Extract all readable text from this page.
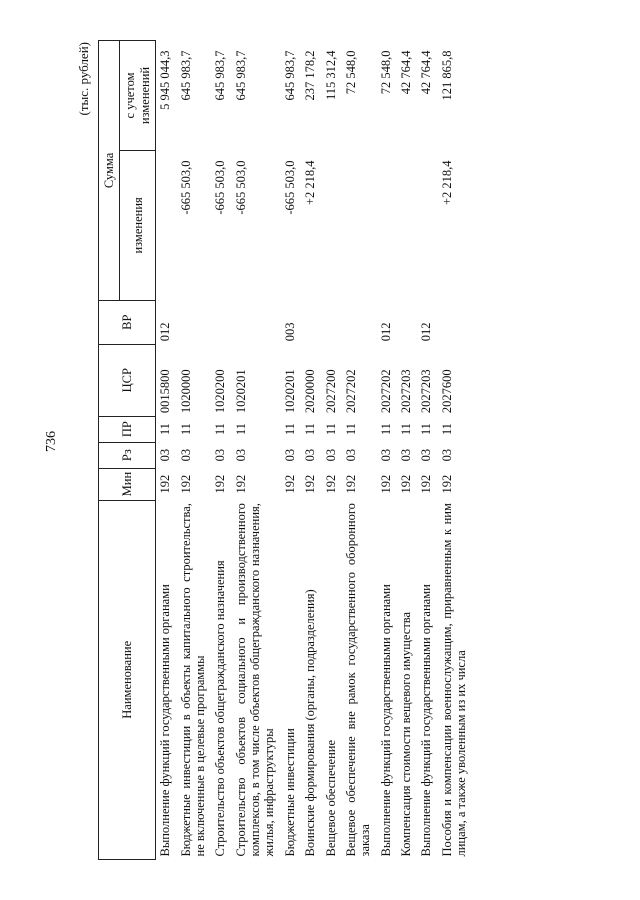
736
(тыс. рублей)
Наименование	Мин	Рз	ПР	ЦСР	ВР	Сумма	
						изменения	с учетом изменений
Выполнение функций государственными органами	192	03	11	0015800	012		5 945 044,3
Бюджетные инвестиции в объекты капитального строительства, не включенные в целевые программы	192	03	11	1020000		-665 503,0	645 983,7
Строительство объектов общегражданского назначения	192	03	11	1020200		-665 503,0	645 983,7
Строительство объектов социального и производственного комплексов, в том числе объектов общегражданского назначения, жилья, инфраструктуры	192	03	11	1020201		-665 503,0	645 983,7
Бюджетные инвестиции	192	03	11	1020201	003	-665 503,0	645 983,7
Воинские формирования (органы, подразделения)	192	03	11	2020000		+2 218,4	237 178,2
Вещевое обеспечение	192	03	11	2027200			115 312,4
Вещевое обеспечение вне рамок государственного оборонного заказа	192	03	11	2027202			72 548,0
Выполнение функций государственными органами	192	03	11	2027202	012		72 548,0
Компенсация стоимости вещевого имущества	192	03	11	2027203			42 764,4
Выполнение функций государственными органами	192	03	11	2027203	012		42 764,4
Пособия и компенсации военнослужащим, приравненным к ним лицам, а также уволенным из их числа	192	03	11	2027600		+2 218,4	121 865,8
